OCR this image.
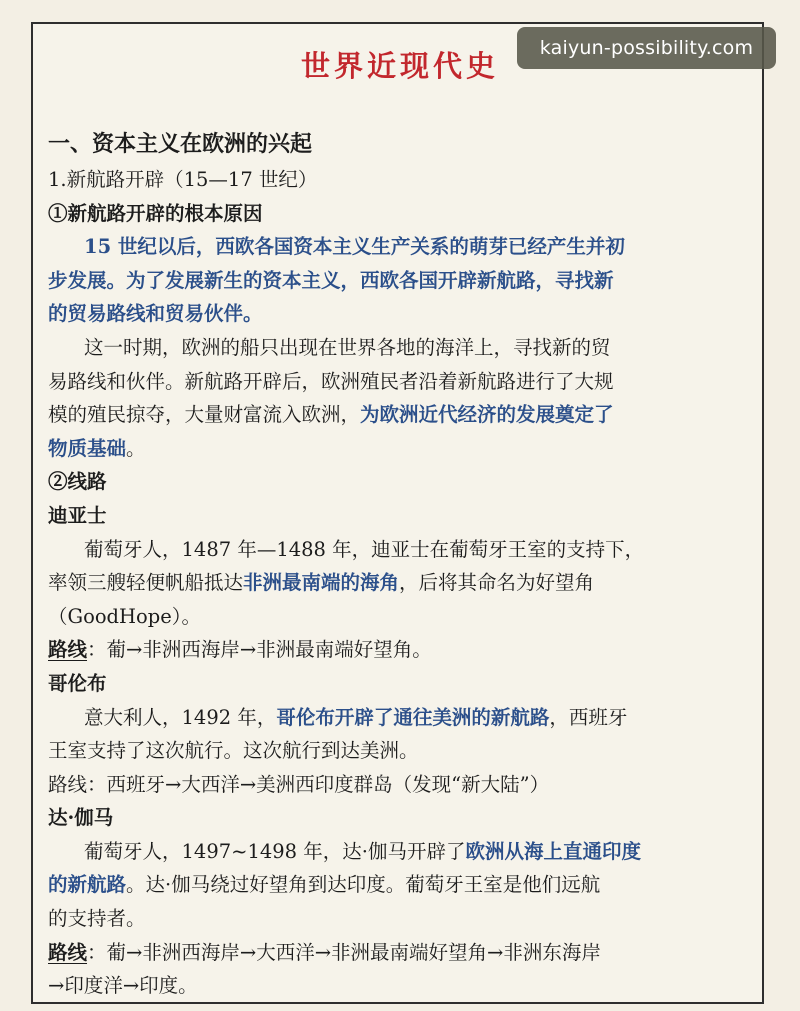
世界近现代史
kaiyun-possibility.com
一、资本主义在欧洲的兴起
1.新航路开辟（15—17 世纪）
①新航路开辟的根本原因
15 世纪以后，西欧各国资本主义生产关系的萌芽已经产生并初
步发展。为了发展新生的资本主义，西欧各国开辟新航路，寻找新
的贸易路线和贸易伙伴。
这一时期，欧洲的船只出现在世界各地的海洋上，寻找新的贸
易路线和伙伴。新航路开辟后，欧洲殖民者沿着新航路进行了大规
模的殖民掠夺，大量财富流入欧洲，为欧洲近代经济的发展奠定了
物质基础。
②线路
迪亚士
葡萄牙人，1487 年—1488 年，迪亚士在葡萄牙王室的支持下，
率领三艘轻便帆船抵达非洲最南端的海角，后将其命名为好望角
（GoodHope）。
路线：葡→非洲西海岸→非洲最南端好望角。
哥伦布
意大利人，1492 年，哥伦布开辟了通往美洲的新航路，西班牙
王室支持了这次航行。这次航行到达美洲。
路线：西班牙→大西洋→美洲西印度群岛（发现“新大陆”）
达·伽马
葡萄牙人，1497~1498 年，达·伽马开辟了欧洲从海上直通印度
的新航路。达·伽马绕过好望角到达印度。葡萄牙王室是他们远航
的支持者。
路线：葡→非洲西海岸→大西洋→非洲最南端好望角→非洲东海岸
→印度洋→印度。
